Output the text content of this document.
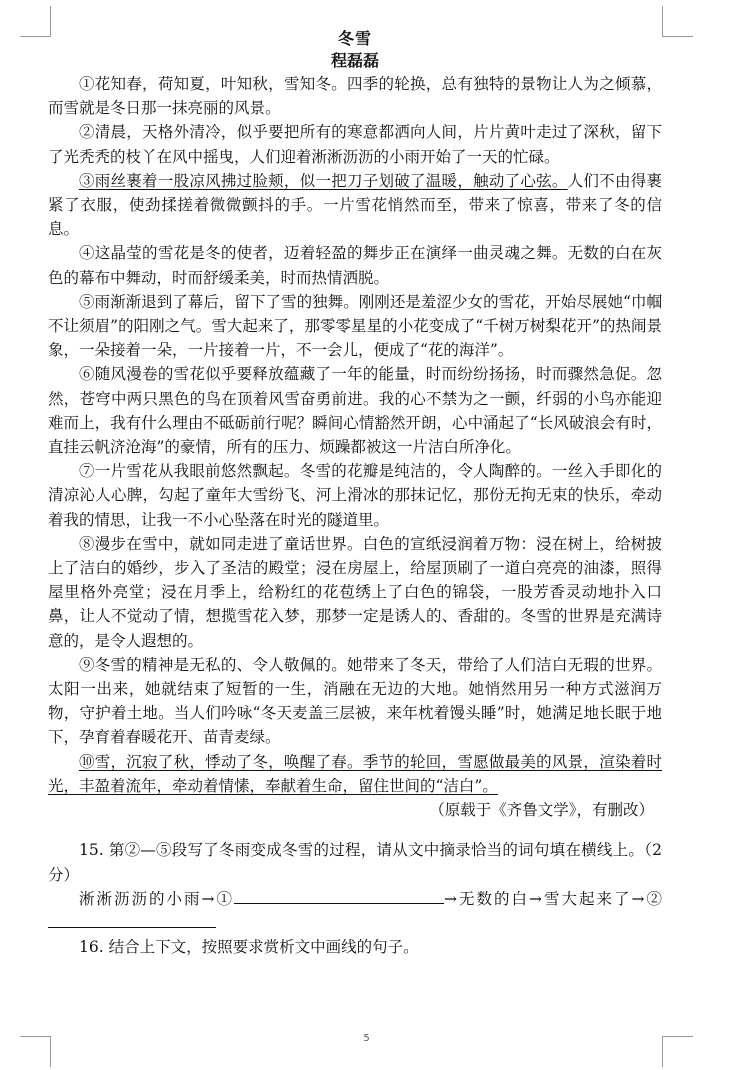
冬雪
程磊磊

①花知春，荷知夏，叶知秋，雪知冬。四季的轮换，总有独特的景物让人为之倾慕，而雪就是冬日那一抹亮丽的风景。

②清晨，天格外清冷，似乎要把所有的寒意都洒向人间，片片黄叶走过了深秋，留下了光秃秃的枝丫在风中摇曳，人们迎着淅淅沥沥的小雨开始了一天的忙碌。

③雨丝裹着一股凉风拂过脸颊，似一把刀子划破了温暖，触动了心弦。人们不由得裹紧了衣服，使劲揉搓着微微颤抖的手。一片雪花悄然而至，带来了惊喜，带来了冬的信息。

④这晶莹的雪花是冬的使者，迈着轻盈的舞步正在演绎一曲灵魂之舞。无数的白在灰色的幕布中舞动，时而舒缓柔美，时而热情洒脱。

⑤雨渐渐退到了幕后，留下了雪的独舞。刚刚还是羞涩少女的雪花，开始尽展她“巾帼不让须眉”的阳刚之气。雪大起来了，那零零星星的小花变成了“千树万树梨花开”的热闹景象，一朵接着一朵，一片接着一片，不一会儿，便成了“花的海洋”。

⑥随风漫卷的雪花似乎要释放蕴藏了一年的能量，时而纷纷扬扬，时而骤然急促。忽然，苍穹中两只黑色的鸟在顶着风雪奋勇前进。我的心不禁为之一颤，纤弱的小鸟亦能迎难而上，我有什么理由不砥砺前行呢？瞬间心情豁然开朗，心中涌起了“长风破浪会有时，直挂云帆济沧海”的豪情，所有的压力、烦躁都被这一片洁白所净化。

⑦一片雪花从我眼前悠然飘起。冬雪的花瓣是纯洁的，令人陶醉的。一丝入手即化的清凉沁人心脾，勾起了童年大雪纷飞、河上滑冰的那抹记忆，那份无拘无束的快乐，牵动着我的情思，让我一不小心坠落在时光的隧道里。

⑧漫步在雪中，就如同走进了童话世界。白色的宣纸浸润着万物：浸在树上，给树披上了洁白的婚纱，步入了圣洁的殿堂；浸在房屋上，给屋顶刷了一道白亮亮的油漆，照得屋里格外亮堂；浸在月季上，给粉红的花苞绣上了白色的锦袋，一股芳香灵动地扑入口鼻，让人不觉动了情，想揽雪花入梦，那梦一定是诱人的、香甜的。冬雪的世界是充满诗意的，是令人遐想的。

⑨冬雪的精神是无私的、令人敬佩的。她带来了冬天，带给了人们洁白无瑕的世界。太阳一出来，她就结束了短暂的一生，消融在无边的大地。她悄然用另一种方式滋润万物，守护着土地。当人们吟咏“冬天麦盖三层被，来年枕着馒头睡”时，她满足地长眠于地下，孕育着春暖花开、苗青麦绿。

⑩雪，沉寂了秋，悸动了冬，唤醒了春。季节的轮回，雪愿做最美的风景，渲染着时光，丰盈着流年，牵动着情愫，奉献着生命，留住世间的“洁白”。

（原载于《齐鲁文学》，有删改）

15. 第②—⑤段写了冬雨变成冬雪的过程，请从文中摘录恰当的词句填在横线上。（2分）

淅淅沥沥的小雨→①	→无数的白→雪大起来了→②

16. 结合上下文，按照要求赏析文中画线的句子。

5
